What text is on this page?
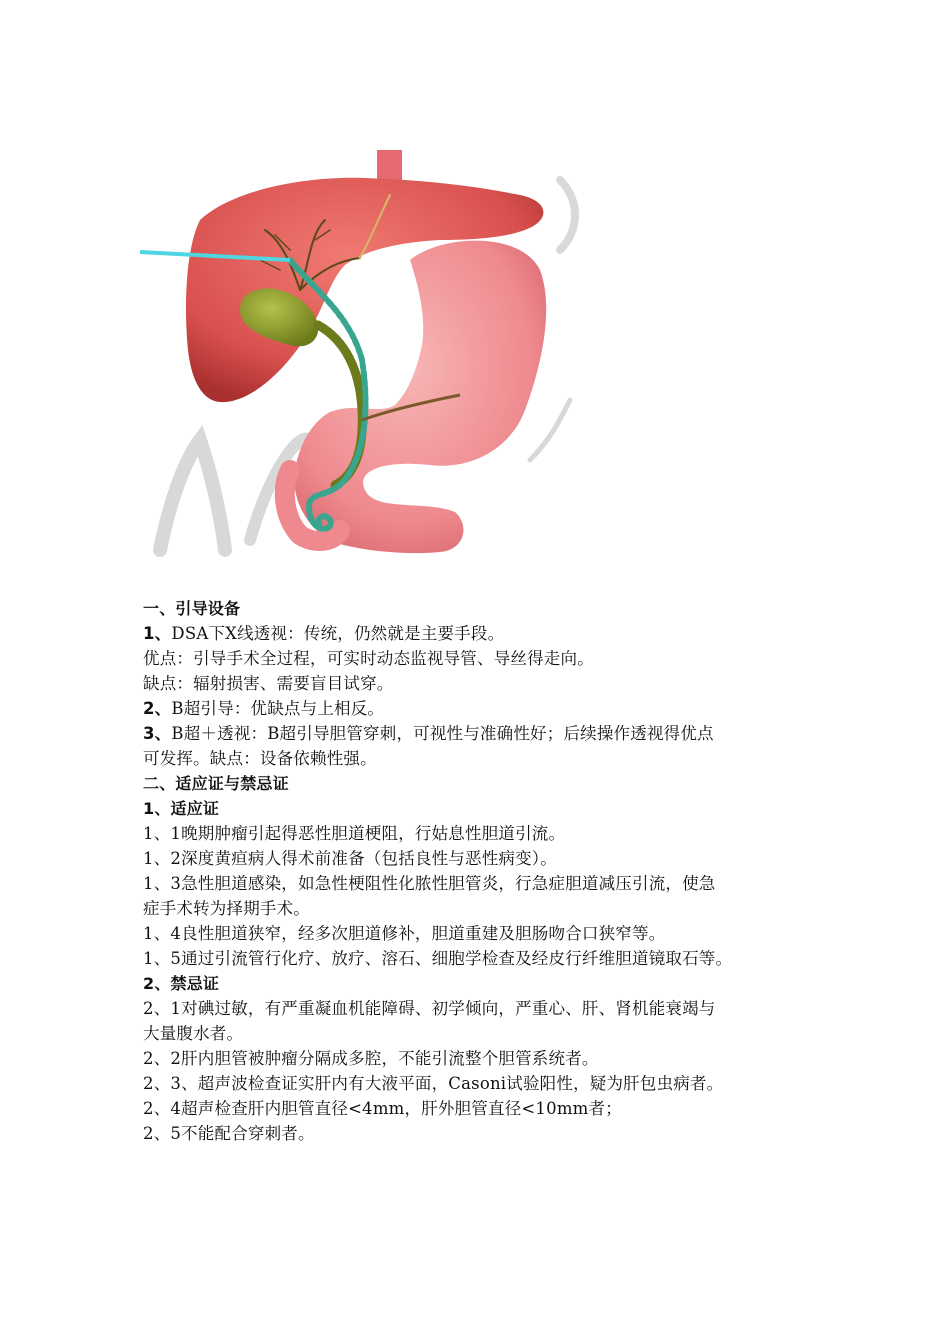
一、引导设备
1、DSA下X线透视：传统，仍然就是主要手段。
优点：引导手术全过程，可实时动态监视导管、导丝得走向。
缺点：辐射损害、需要盲目试穿。
2、B超引导：优缺点与上相反。
3、B超＋透视：B超引导胆管穿刺，可视性与准确性好；后续操作透视得优点
可发挥。缺点：设备依赖性强。
二、适应证与禁忌证
1、适应证
1、1晚期肿瘤引起得恶性胆道梗阻，行姑息性胆道引流。
1、2深度黄疸病人得术前准备（包括良性与恶性病变）。
1、3急性胆道感染，如急性梗阻性化脓性胆管炎，行急症胆道减压引流，使急
症手术转为择期手术。
1、4良性胆道狭窄，经多次胆道修补，胆道重建及胆肠吻合口狭窄等。
1、5通过引流管行化疗、放疗、溶石、细胞学检查及经皮行纤维胆道镜取石等。
2、禁忌证
2、1对碘过敏，有严重凝血机能障碍、初学倾向，严重心、肝、肾机能衰竭与
大量腹水者。
2、2肝内胆管被肿瘤分隔成多腔，不能引流整个胆管系统者。
2、3、超声波检查证实肝内有大液平面，Casoni试验阳性，疑为肝包虫病者。
2、4超声检查肝内胆管直径<4mm，肝外胆管直径<10mm者；
2、5不能配合穿刺者。
